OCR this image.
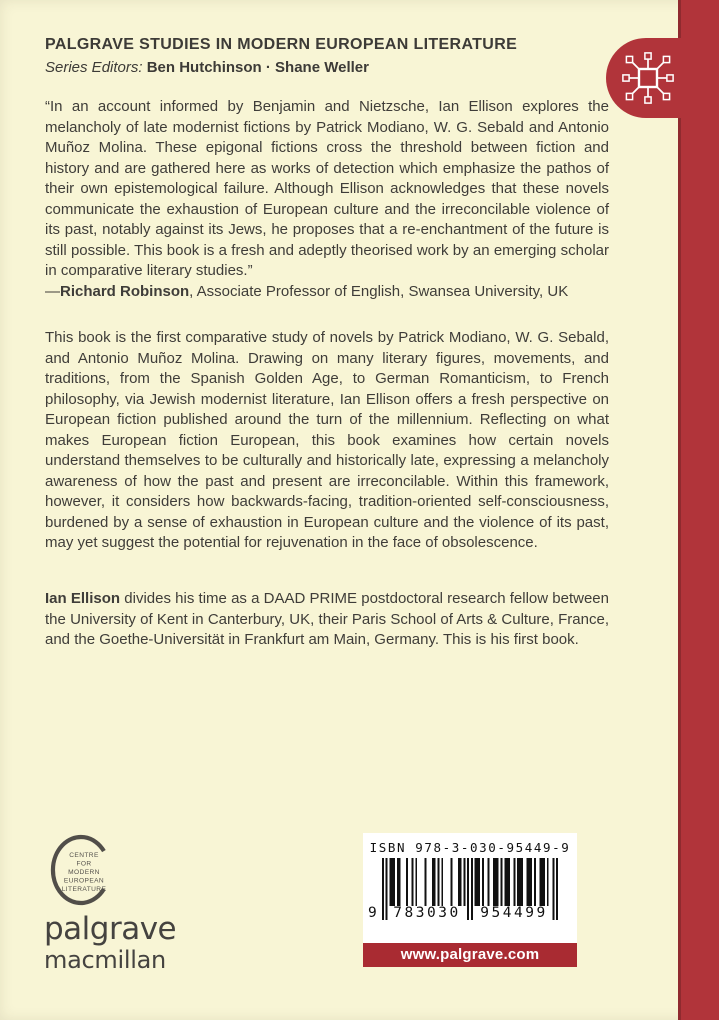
PALGRAVE STUDIES IN MODERN EUROPEAN LITERATURE
Series Editors: Ben Hutchinson · Shane Weller
“In an account informed by Benjamin and Nietzsche, Ian Ellison explores the melancholy of late modernist fictions by Patrick Modiano, W. G. Sebald and Antonio Muñoz Molina. These epigonal fictions cross the threshold between fiction and history and are gathered here as works of detection which emphasize the pathos of their own epistemological failure. Although Ellison acknowledges that these novels communicate the exhaustion of European culture and the irreconcilable violence of its past, notably against its Jews, he proposes that a re-enchantment of the future is still possible. This book is a fresh and adeptly theorised work by an emerging scholar in comparative literary studies.”
—Richard Robinson, Associate Professor of English, Swansea University, UK
This book is the first comparative study of novels by Patrick Modiano, W. G. Sebald, and Antonio Muñoz Molina. Drawing on many literary figures, movements, and traditions, from the Spanish Golden Age, to German Romanticism, to French philosophy, via Jewish modernist literature, Ian Ellison offers a fresh perspective on European fiction published around the turn of the millennium. Reflecting on what makes European fiction European, this book examines how certain novels understand themselves to be culturally and historically late, expressing a melancholy awareness of how the past and present are irreconcilable. Within this framework, however, it considers how backwards-facing, tradition-oriented self-consciousness, burdened by a sense of exhaustion in European culture and the violence of its past, may yet suggest the potential for rejuvenation in the face of obsolescence.
Ian Ellison divides his time as a DAAD PRIME postdoctoral research fellow between the University of Kent in Canterbury, UK, their Paris School of Arts & Culture, France, and the Goethe-Universität in Frankfurt am Main, Germany. This is his first book.
CENTRE
FOR
MODERN
EUROPEAN
LITERATURE
palgrave
macmillan
ISBN 978-3-030-95449-9
9 783030 954499
www.palgrave.com
